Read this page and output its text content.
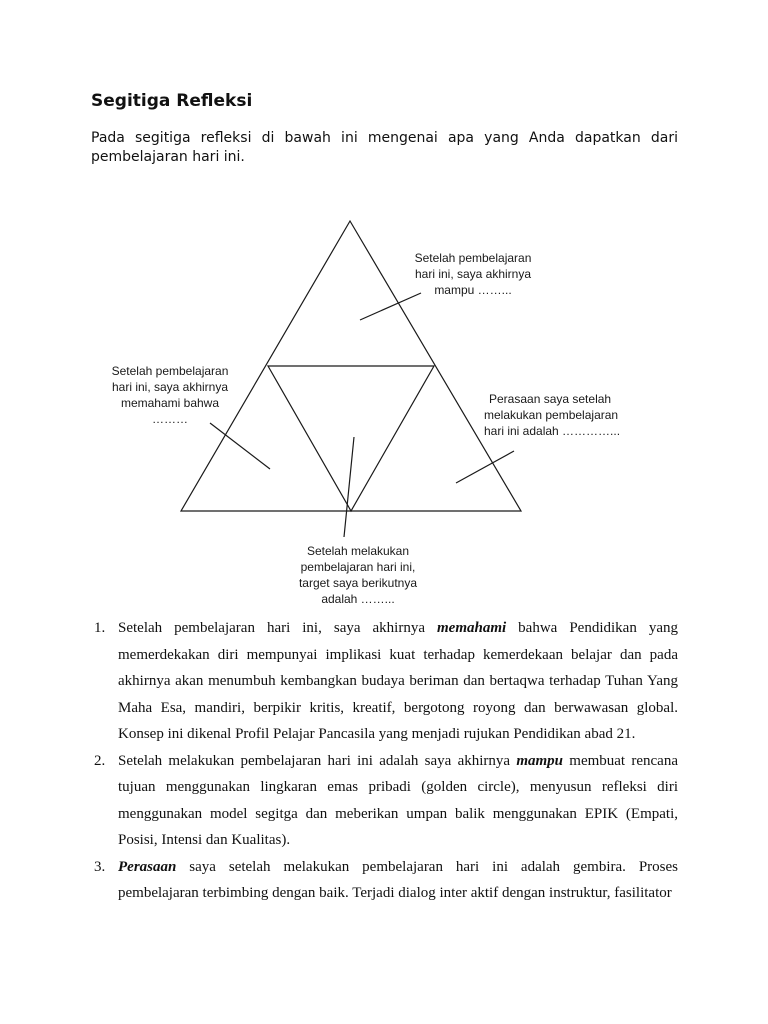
Segitiga Refleksi

Pada segitiga refleksi di bawah ini mengenai apa yang Anda dapatkan dari pembelajaran hari ini.

Setelah pembelajaran
hari ini, saya akhirnya
mampu ……...
Setelah pembelajaran
hari ini, saya akhirnya
memahami bahwa
………
Perasaan saya setelah
melakukan pembelajaran
hari ini adalah …………...
Setelah melakukan
pembelajaran hari ini,
target saya berikutnya
adalah ……...
1. Setelah pembelajaran hari ini, saya akhirnya memahami bahwa Pendidikan yang memerdekakan diri mempunyai implikasi kuat terhadap kemerdekaan belajar dan pada akhirnya akan menumbuh kembangkan budaya beriman dan bertaqwa terhadap Tuhan Yang Maha Esa, mandiri, berpikir kritis, kreatif, bergotong royong dan berwawasan global. Konsep ini dikenal Profil Pelajar Pancasila yang menjadi rujukan Pendidikan abad 21.
2. Setelah melakukan pembelajaran hari ini adalah saya akhirnya mampu membuat rencana tujuan menggunakan lingkaran emas pribadi (golden circle), menyusun refleksi diri menggunakan model segitga dan meberikan umpan balik menggunakan EPIK (Empati, Posisi, Intensi dan Kualitas).
3. Perasaan saya setelah melakukan pembelajaran hari ini adalah gembira. Proses pembelajaran terbimbing dengan baik. Terjadi dialog inter aktif dengan instruktur, fasilitator
